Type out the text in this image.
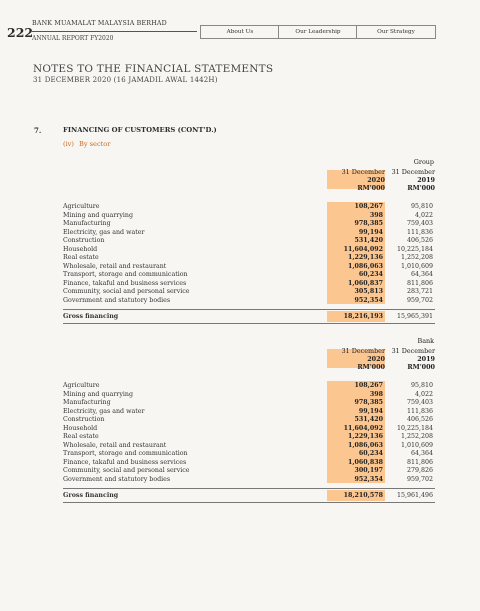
222
BANK MUAMALAT MALAYSIA BERHAD
ANNUAL REPORT FY2020
About Us	Our Leadership	Our Strategy
NOTES TO THE FINANCIAL STATEMENTS
31 DECEMBER 2020 (16 JAMADIL AWAL 1442H)
7.	FINANCING OF CUSTOMERS (CONT'D.)
(iv) By sector
Group
31 December
2020
RM'000
31 December
2019
RM'000
Agriculture	108,267	95,810
Mining and quarrying	398	4,022
Manufacturing	978,385	759,403
Electricity, gas and water	99,194	111,836
Construction	531,420	406,526
Household	11,604,092	10,225,184
Real estate	1,229,136	1,252,208
Wholesale, retail and restaurant	1,086,063	1,010,609
Transport, storage and communication	60,234	64,364
Finance, takaful and business services	1,060,837	811,806
Community, social and personal service	305,813	283,721
Government and statutory bodies	952,354	959,702
Gross financing	18,216,193	15,965,391
Bank
31 December
2020
RM'000
31 December
2019
RM'000
Agriculture	108,267	95,810
Mining and quarrying	398	4,022
Manufacturing	978,385	759,403
Electricity, gas and water	99,194	111,836
Construction	531,420	406,526
Household	11,604,092	10,225,184
Real estate	1,229,136	1,252,208
Wholesale, retail and restaurant	1,086,063	1,010,609
Transport, storage and communication	60,234	64,364
Finance, takaful and business services	1,060,838	811,806
Community, social and personal service	300,197	279,826
Government and statutory bodies	952,354	959,702
Gross financing	18,210,578	15,961,496
